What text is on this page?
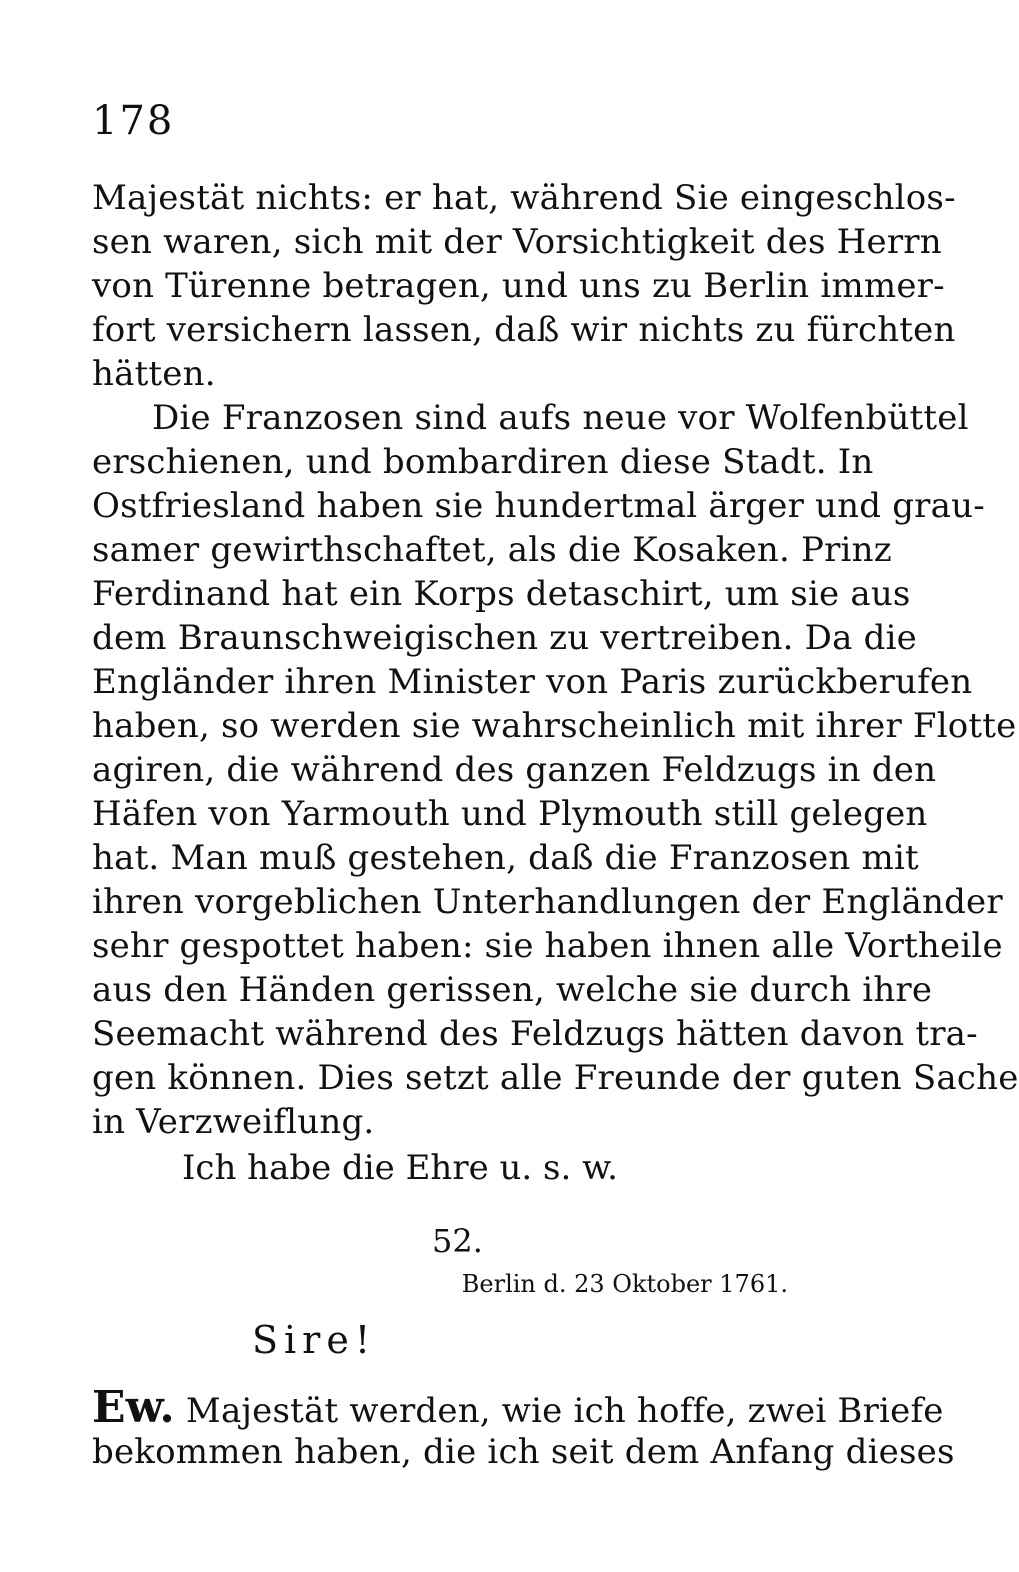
178
Majestät nichts: er hat, während Sie eingeschlos-
sen waren, sich mit der Vorsichtigkeit des Herrn
von Türenne betragen, und uns zu Berlin immer-
fort versichern lassen, daß wir nichts zu fürchten
hätten.
Die Franzosen sind aufs neue vor Wolfenbüttel
erschienen, und bombardiren diese Stadt. In
Ostfriesland haben sie hundertmal ärger und grau-
samer gewirthschaftet, als die Kosaken. Prinz
Ferdinand hat ein Korps detaschirt, um sie aus
dem Braunschweigischen zu vertreiben. Da die
Engländer ihren Minister von Paris zurückberufen
haben, so werden sie wahrscheinlich mit ihrer Flotte
agiren, die während des ganzen Feldzugs in den
Häfen von Yarmouth und Plymouth still gelegen
hat. Man muß gestehen, daß die Franzosen mit
ihren vorgeblichen Unterhandlungen der Engländer
sehr gespottet haben: sie haben ihnen alle Vortheile
aus den Händen gerissen, welche sie durch ihre
Seemacht während des Feldzugs hätten davon tra-
gen können. Dies setzt alle Freunde der guten Sache
in Verzweiflung.
Ich habe die Ehre u. s. w.
52.
Berlin d. 23 Oktober 1761.
Sire!
Ew. Majestät werden, wie ich hoffe, zwei Briefe
bekommen haben, die ich seit dem Anfang dieses
